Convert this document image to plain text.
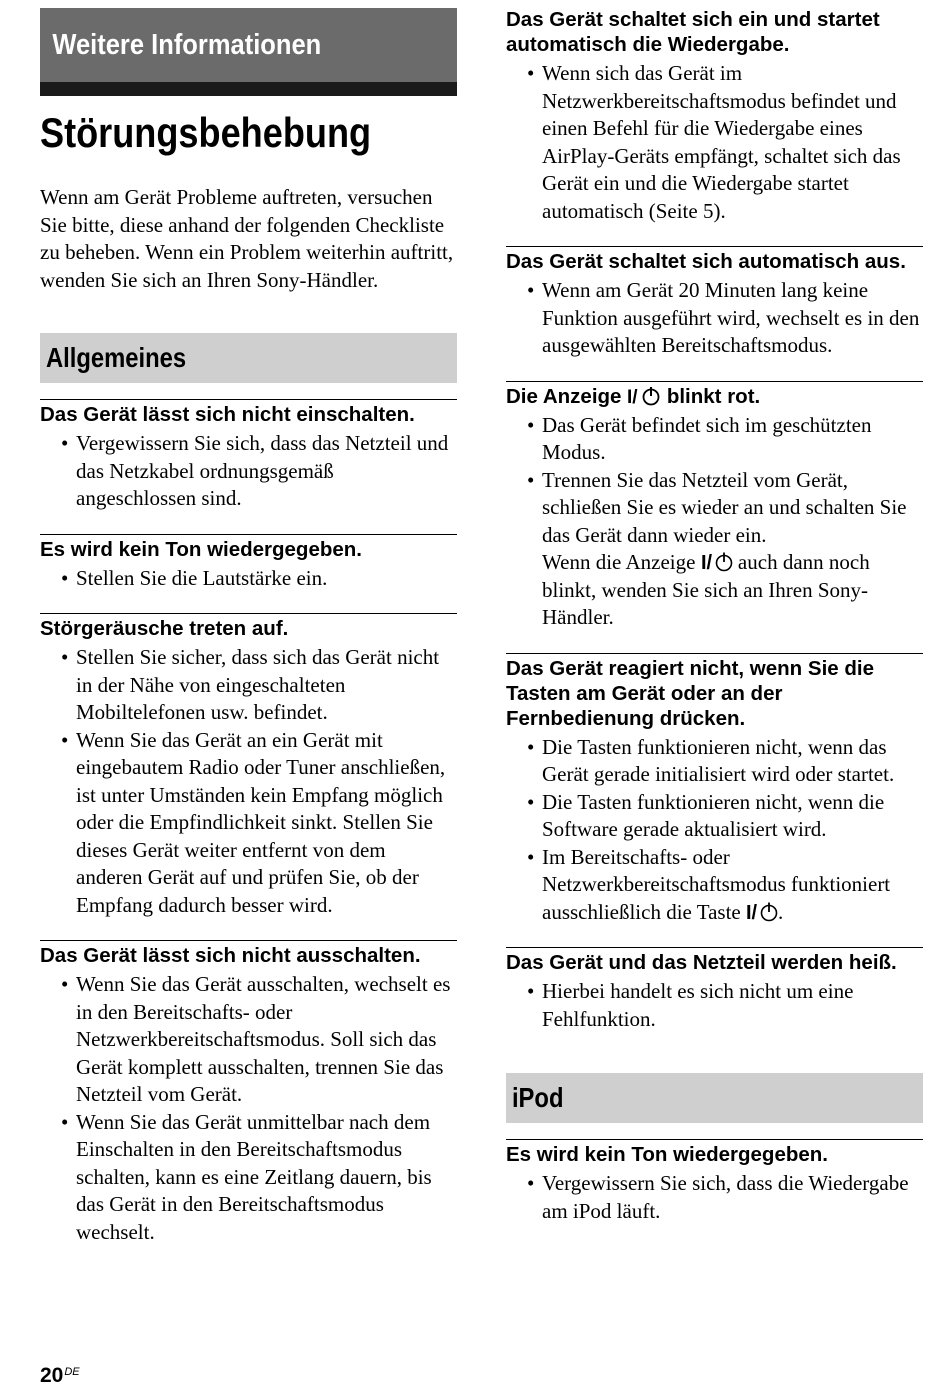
Weitere Informationen
Störungsbehebung

Wenn am Gerät Probleme auftreten, versuchen Sie bitte, diese anhand der folgenden Checkliste zu beheben. Wenn ein Problem weiterhin auftritt, wenden Sie sich an Ihren Sony-Händler.

Allgemeines
Das Gerät lässt sich nicht einschalten.
• Vergewissern Sie sich, dass das Netzteil und das Netzkabel ordnungsgemäß angeschlossen sind.
Es wird kein Ton wiedergegeben.
• Stellen Sie die Lautstärke ein.
Störgeräusche treten auf.
• Stellen Sie sicher, dass sich das Gerät nicht in der Nähe von eingeschalteten Mobiltelefonen usw. befindet.
• Wenn Sie das Gerät an ein Gerät mit eingebautem Radio oder Tuner anschließen, ist unter Umständen kein Empfang möglich oder die Empfindlichkeit sinkt. Stellen Sie dieses Gerät weiter entfernt von dem anderen Gerät auf und prüfen Sie, ob der Empfang dadurch besser wird.
Das Gerät lässt sich nicht ausschalten.
• Wenn Sie das Gerät ausschalten, wechselt es in den Bereitschafts- oder Netzwerkbereitschaftsmodus. Soll sich das Gerät komplett ausschalten, trennen Sie das Netzteil vom Gerät.
• Wenn Sie das Gerät unmittelbar nach dem Einschalten in den Bereitschaftsmodus schalten, kann es eine Zeitlang dauern, bis das Gerät in den Bereitschaftsmodus wechselt.
Das Gerät schaltet sich ein und startet automatisch die Wiedergabe.
• Wenn sich das Gerät im Netzwerkbereitschaftsmodus befindet und einen Befehl für die Wiedergabe eines AirPlay-Geräts empfängt, schaltet sich das Gerät ein und die Wiedergabe startet automatisch (Seite 5).
Das Gerät schaltet sich automatisch aus.
• Wenn am Gerät 20 Minuten lang keine Funktion ausgeführt wird, wechselt es in den ausgewählten Bereitschaftsmodus.
Die Anzeige I/ blinkt rot.
• Das Gerät befindet sich im geschützten Modus.

• Trennen Sie das Netzteil vom Gerät, schließen Sie es wieder an und schalten Sie das Gerät dann wieder ein.

Wenn die Anzeige I/ auch dann noch blinkt, wenden Sie sich an Ihren Sony-Händler.

Das Gerät reagiert nicht, wenn Sie die Tasten am Gerät oder an der Fernbedienung drücken.
• Die Tasten funktionieren nicht, wenn das Gerät gerade initialisiert wird oder startet.
• Die Tasten funktionieren nicht, wenn die Software gerade aktualisiert wird.
• Im Bereitschafts- oder Netzwerkbereitschaftsmodus funktioniert ausschließlich die Taste I/ .
Das Gerät und das Netzteil werden heiß.
• Hierbei handelt es sich nicht um eine Fehlfunktion.
iPod
Es wird kein Ton wiedergegeben.
• Vergewissern Sie sich, dass die Wiedergabe am iPod läuft.
20DE
